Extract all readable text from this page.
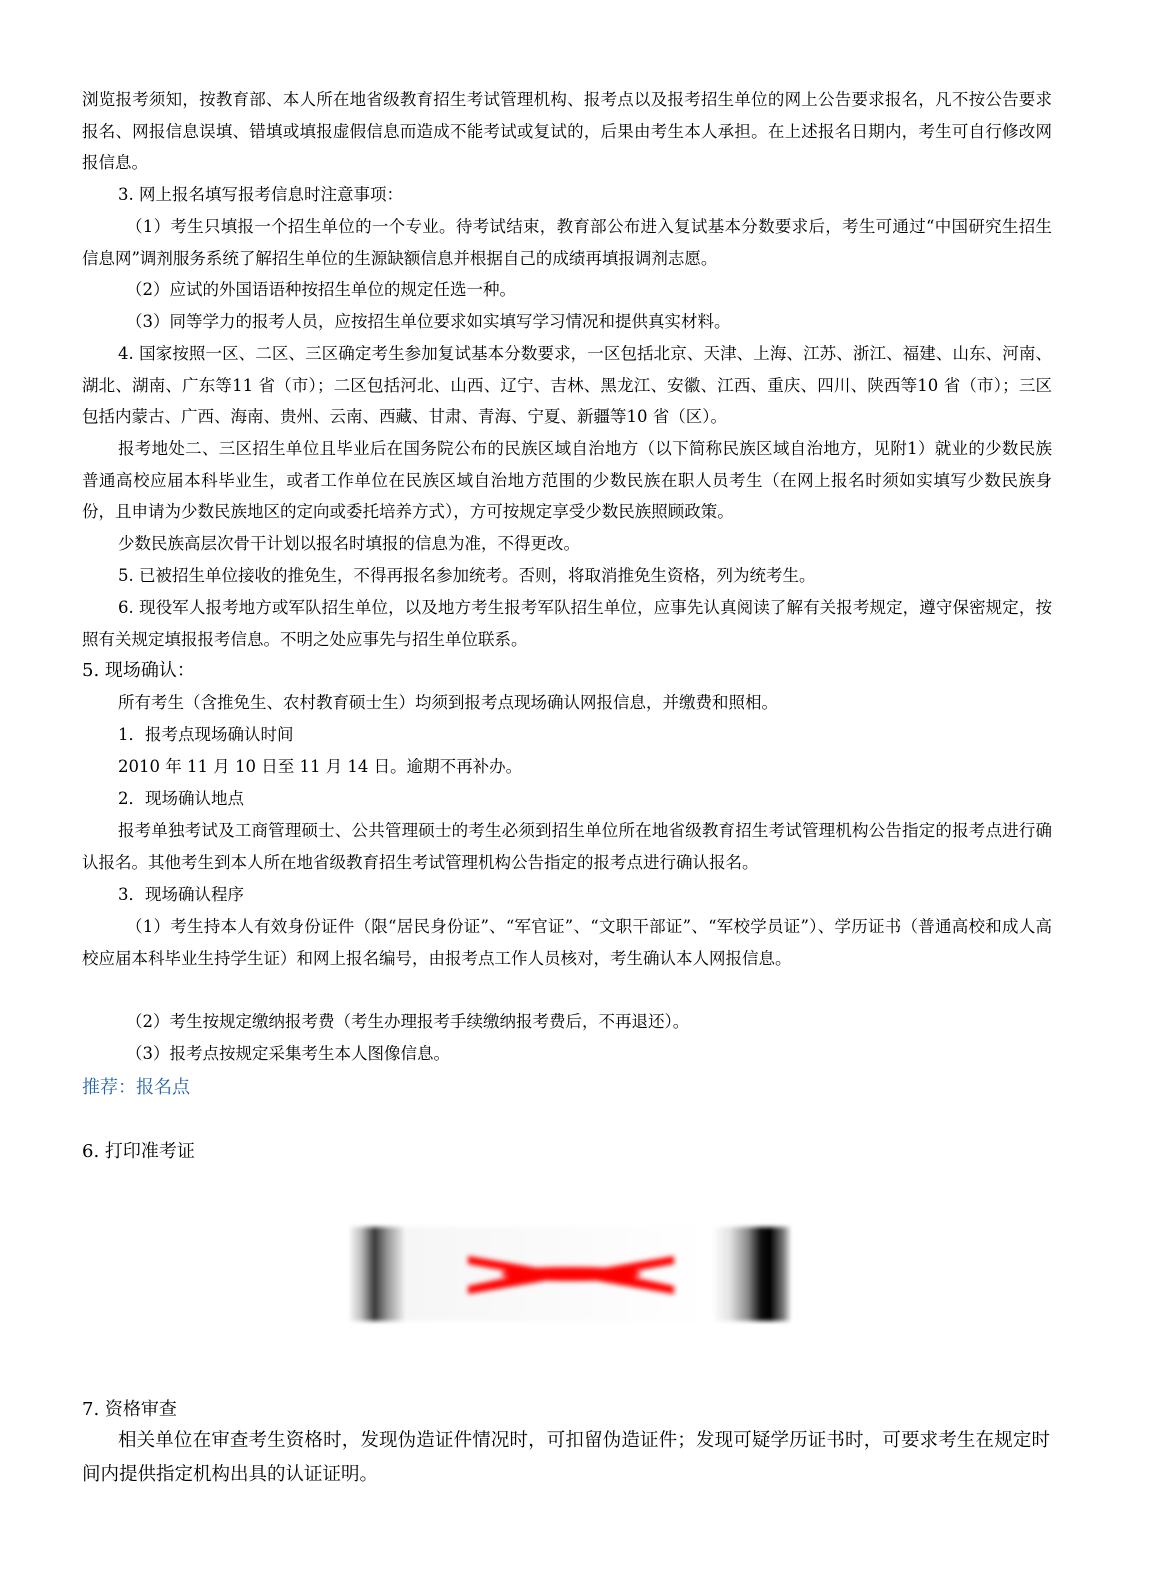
浏览报考须知，按教育部、本人所在地省级教育招生考试管理机构、报考点以及报考招生单位的网上公告要求报名，凡不按公告要求报名、网报信息误填、错填或填报虚假信息而造成不能考试或复试的，后果由考生本人承担。在上述报名日期内，考生可自行修改网报信息。

3. 网上报名填写报考信息时注意事项：

（1）考生只填报一个招生单位的一个专业。待考试结束，教育部公布进入复试基本分数要求后，考生可通过“中国研究生招生信息网”调剂服务系统了解招生单位的生源缺额信息并根据自己的成绩再填报调剂志愿。

（2）应试的外国语语种按招生单位的规定任选一种。

（3）同等学力的报考人员，应按招生单位要求如实填写学习情况和提供真实材料。

4. 国家按照一区、二区、三区确定考生参加复试基本分数要求，一区包括北京、天津、上海、江苏、浙江、福建、山东、河南、湖北、湖南、广东等11 省（市）；二区包括河北、山西、辽宁、吉林、黑龙江、安徽、江西、重庆、四川、陕西等10 省（市）；三区包括内蒙古、广西、海南、贵州、云南、西藏、甘肃、青海、宁夏、新疆等10 省（区）。

报考地处二、三区招生单位且毕业后在国务院公布的民族区域自治地方（以下简称民族区域自治地方，见附1）就业的少数民族普通高校应届本科毕业生，或者工作单位在民族区域自治地方范围的少数民族在职人员考生（在网上报名时须如实填写少数民族身份，且申请为少数民族地区的定向或委托培养方式），方可按规定享受少数民族照顾政策。

少数民族高层次骨干计划以报名时填报的信息为准，不得更改。

5. 已被招生单位接收的推免生，不得再报名参加统考。否则，将取消推免生资格，列为统考生。

6. 现役军人报考地方或军队招生单位，以及地方考生报考军队招生单位，应事先认真阅读了解有关报考规定，遵守保密规定，按照有关规定填报报考信息。不明之处应事先与招生单位联系。

5. 现场确认：

所有考生（含推免生、农村教育硕士生）均须到报考点现场确认网报信息，并缴费和照相。

1．报考点现场确认时间

2010 年 11 月 10 日至 11 月 14 日。逾期不再补办。

2．现场确认地点

报考单独考试及工商管理硕士、公共管理硕士的考生必须到招生单位所在地省级教育招生考试管理机构公告指定的报考点进行确认报名。其他考生到本人所在地省级教育招生考试管理机构公告指定的报考点进行确认报名。

3．现场确认程序

（1）考生持本人有效身份证件（限“居民身份证”、“军官证”、“文职干部证”、“军校学员证”）、学历证书（普通高校和成人高校应届本科毕业生持学生证）和网上报名编号，由报考点工作人员核对，考生确认本人网报信息。

（2）考生按规定缴纳报考费（考生办理报考手续缴纳报考费后，不再退还）。

（3）报考点按规定采集考生本人图像信息。

推荐：报名点

6. 打印准考证

7. 资格审查

相关单位在审查考生资格时，发现伪造证件情况时，可扣留伪造证件；发现可疑学历证书时，可要求考生在规定时间内提供指定机构出具的认证证明。
